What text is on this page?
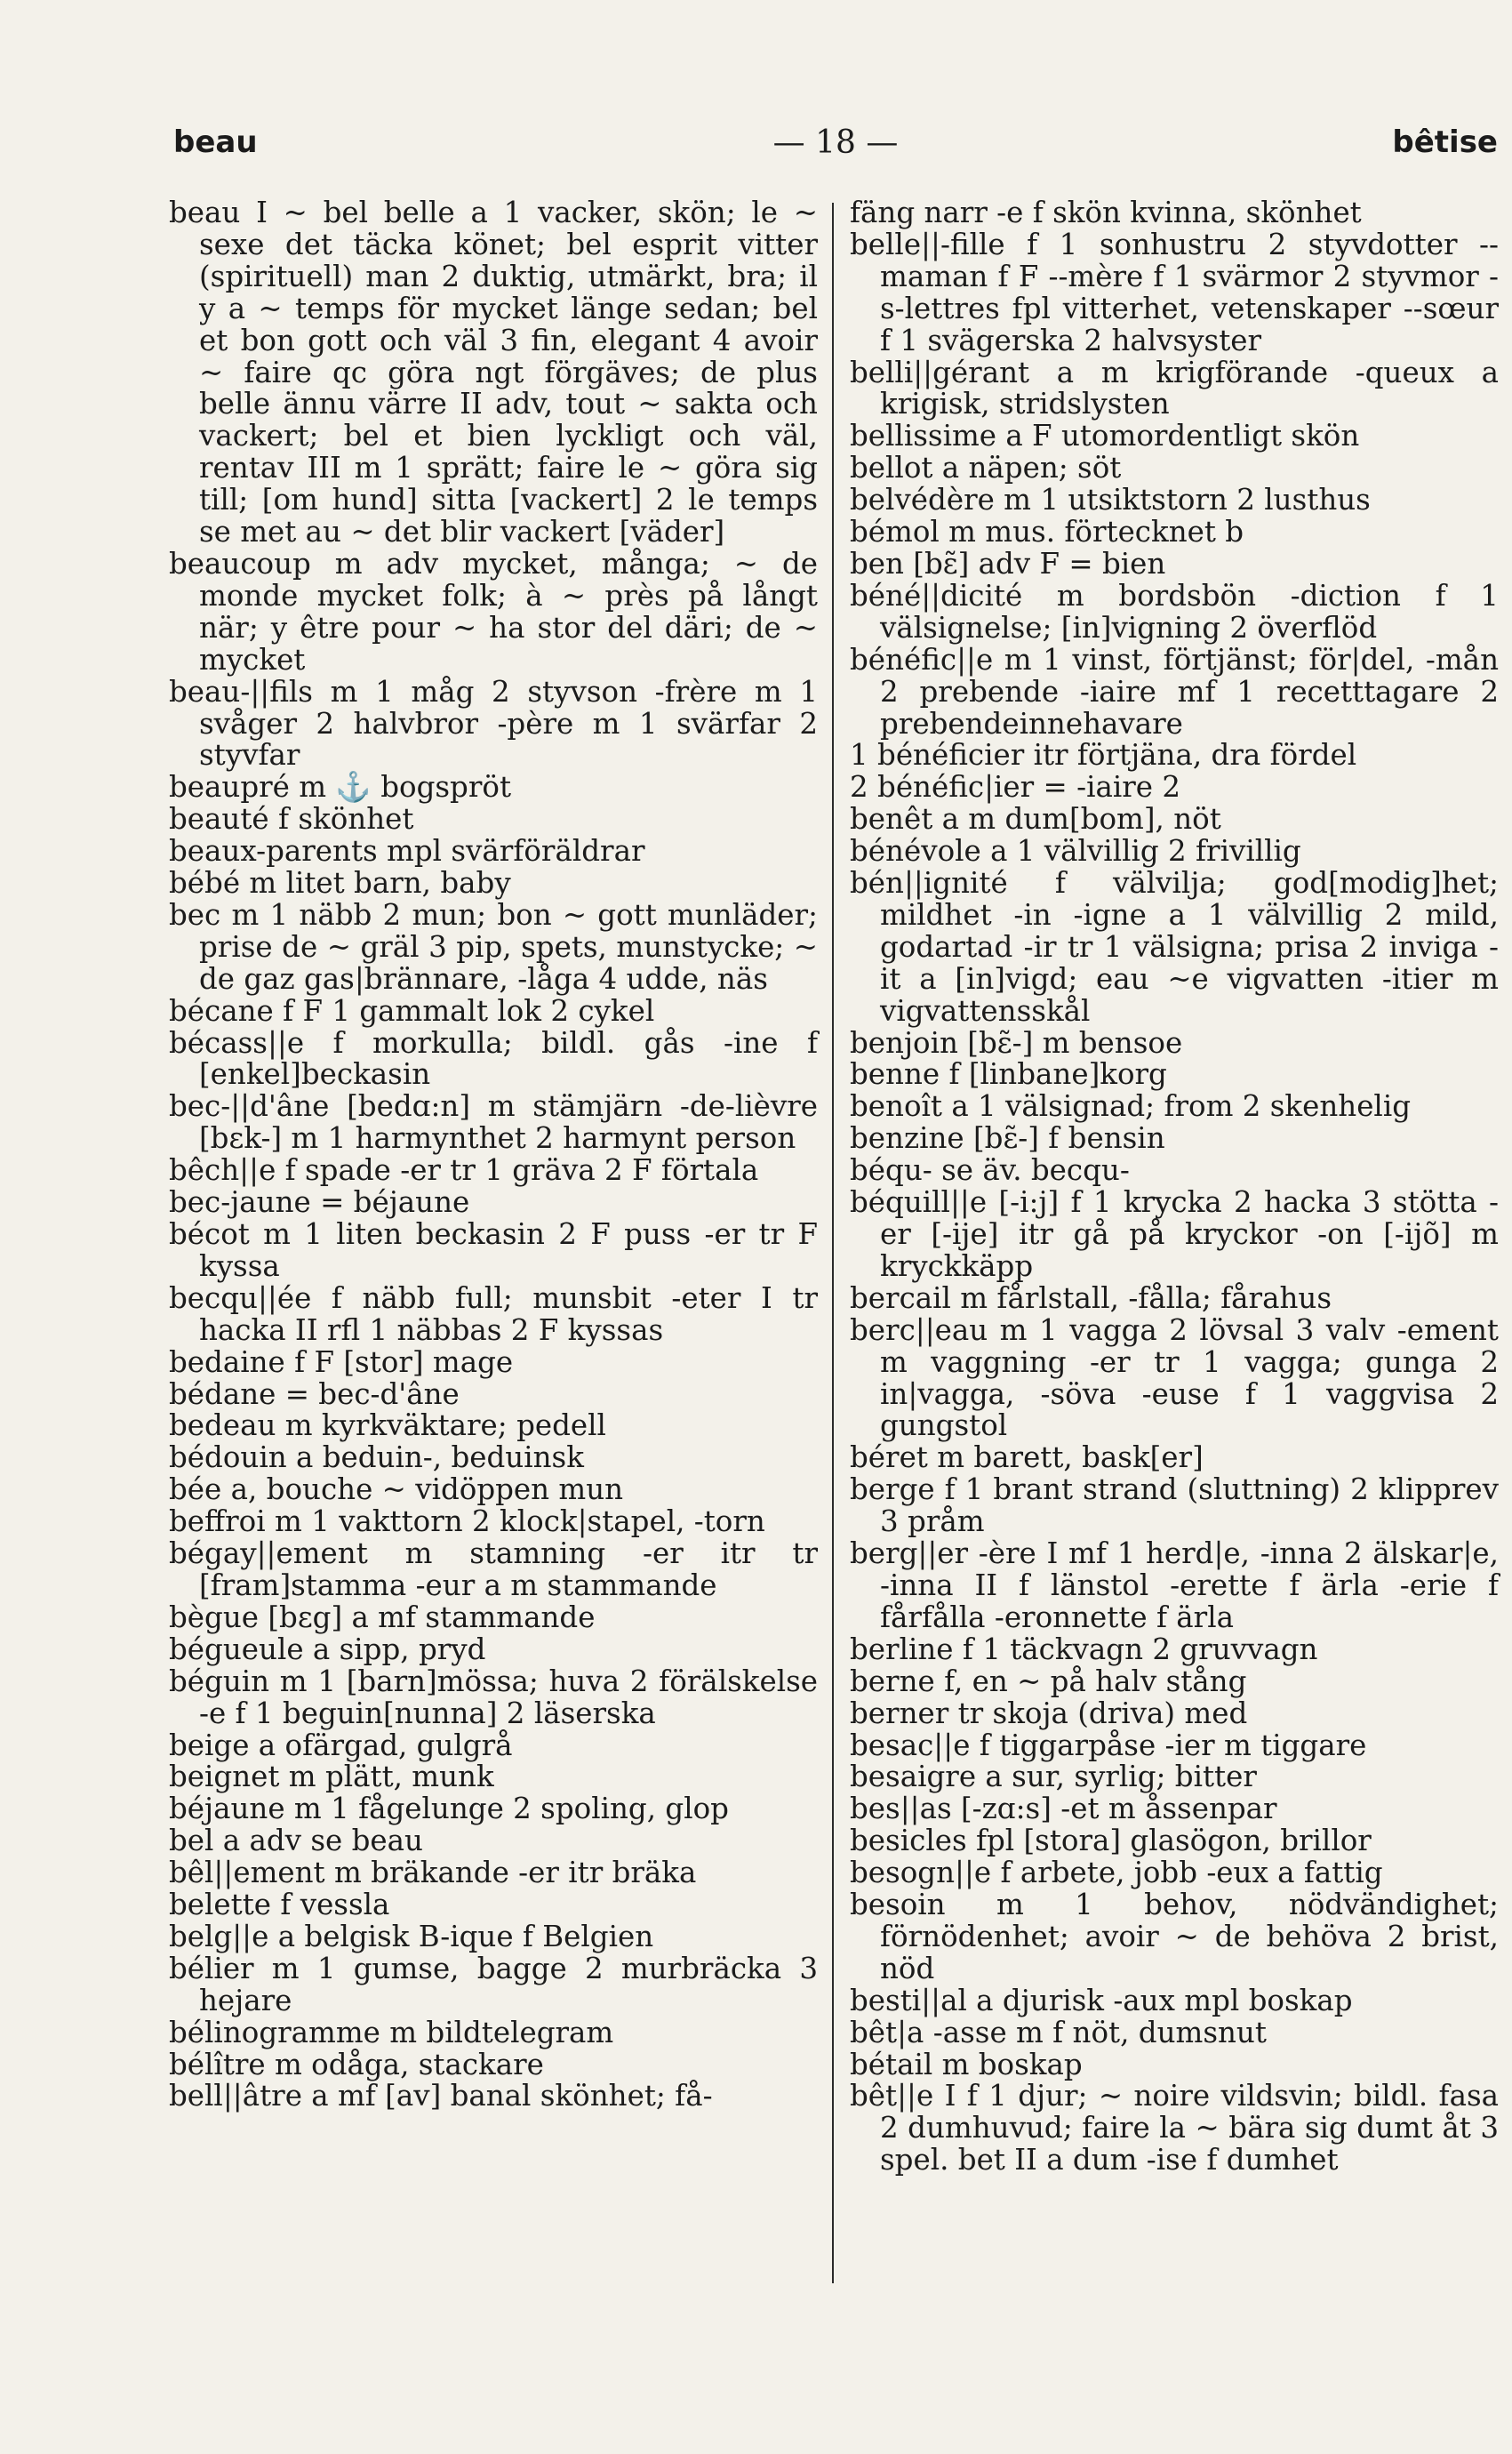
beau	— 18 —	bêtise

beau I ~ bel belle a 1 vacker, skön; le ~ sexe det täcka könet; bel esprit vitter (spirituell) man 2 duktig, utmärkt, bra; il y a ~ temps för mycket länge sedan; bel et bon gott och väl 3 fin, elegant 4 avoir ~ faire qc göra ngt förgäves; de plus belle ännu värre II adv, tout ~ sakta och vackert; bel et bien lyckligt och väl, rentav III m 1 sprätt; faire le ~ göra sig till; [om hund] sitta [vackert] 2 le temps se met au ~ det blir vackert [väder]

beaucoup m adv mycket, många; ~ de monde mycket folk; à ~ près på långt när; y être pour ~ ha stor del däri; de ~ mycket

beau-||fils m 1 måg 2 styvson -frère m 1 svåger 2 halvbror -père m 1 svärfar 2 styvfar

beaupré m ⚓ bogspröt

beauté f skönhet

beaux-parents mpl svärföräldrar

bébé m litet barn, baby

bec m 1 näbb 2 mun; bon ~ gott munläder; prise de ~ gräl 3 pip, spets, munstycke; ~ de gaz gas|brännare, -låga 4 udde, näs

bécane f F 1 gammalt lok 2 cykel

bécass||e f morkulla; bildl. gås -ine f [enkel]beckasin

bec-||d'âne [bedɑ:n] m stämjärn -de-lièvre [bɛk-] m 1 harmynthet 2 harmynt person

bêch||e f spade -er tr 1 gräva 2 F förtala

bec-jaune = béjaune

bécot m 1 liten beckasin 2 F puss -er tr F kyssa

becqu||ée f näbb full; munsbit -eter I tr hacka II rfl 1 näbbas 2 F kyssas

bedaine f F [stor] mage

bédane = bec-d'âne

bedeau m kyrkväktare; pedell

bédouin a beduin-, beduinsk

bée a, bouche ~ vidöppen mun

beffroi m 1 vakttorn 2 klock|stapel, -torn

bégay||ement m stamning -er itr tr [fram]stamma -eur a m stammande

bègue [bɛg] a mf stammande

bégueule a sipp, pryd

béguin m 1 [barn]mössa; huva 2 förälskelse -e f 1 beguin[nunna] 2 läserska

beige a ofärgad, gulgrå

beignet m plätt, munk

béjaune m 1 fågelunge 2 spoling, glop

bel a adv se beau

bêl||ement m bräkande -er itr bräka

belette f vessla

belg||e a belgisk B-ique f Belgien

bélier m 1 gumse, bagge 2 murbräcka 3 hejare

bélinogramme m bildtelegram

bélître m odåga, stackare

bell||âtre a mf [av] banal skönhet; få-

fäng narr -e f skön kvinna, skönhet

belle||-fille f 1 sonhustru 2 styvdotter --maman f F --mère f 1 svärmor 2 styvmor -s-lettres fpl vitterhet, vetenskaper --sœur f 1 svägerska 2 halvsyster

belli||gérant a m krigförande -queux a krigisk, stridslysten

bellissime a F utomordentligt skön

bellot a näpen; söt

belvédère m 1 utsiktstorn 2 lusthus

bémol m mus. förtecknet b

ben [bɛ̃] adv F = bien

béné||dicité m bordsbön -diction f 1 välsignelse; [in]vigning 2 överflöd

bénéfic||e m 1 vinst, förtjänst; för|del, -mån 2 prebende -iaire mf 1 recetttagare 2 prebendeinnehavare

1 bénéficier itr förtjäna, dra fördel

2 bénéfic|ier = -iaire 2

benêt a m dum[bom], nöt

bénévole a 1 välvillig 2 frivillig

bén||ignité f välvilja; god[modig]het; mildhet -in -igne a 1 välvillig 2 mild, godartad -ir tr 1 välsigna; prisa 2 inviga -it a [in]vigd; eau ~e vigvatten -itier m vigvattensskål

benjoin [bɛ̃-] m bensoe

benne f [linbane]korg

benoît a 1 välsignad; from 2 skenhelig

benzine [bɛ̃-] f bensin

béqu- se äv. becqu-

béquill||e [-i:j] f 1 krycka 2 hacka 3 stötta -er [-ije] itr gå på kryckor -on [-ijõ] m kryckkäpp

bercail m fårlstall, -fålla; fårahus

berc||eau m 1 vagga 2 lövsal 3 valv -ement m vaggning -er tr 1 vagga; gunga 2 in|vagga, -söva -euse f 1 vaggvisa 2 gungstol

béret m barett, bask[er]

berge f 1 brant strand (sluttning) 2 klipprev 3 pråm

berg||er -ère I mf 1 herd|e, -inna 2 älskar|e, -inna II f länstol -erette f ärla -erie f fårfålla -eronnette f ärla

berline f 1 täckvagn 2 gruvvagn

berne f, en ~ på halv stång

berner tr skoja (driva) med

besac||e f tiggarpåse -ier m tiggare

besaigre a sur, syrlig; bitter

bes||as [-zɑ:s] -et m åssenpar

besicles fpl [stora] glasögon, brillor

besogn||e f arbete, jobb -eux a fattig

besoin m 1 behov, nödvändighet; förnödenhet; avoir ~ de behöva 2 brist, nöd

besti||al a djurisk -aux mpl boskap

bêt|a -asse m f nöt, dumsnut

bétail m boskap

bêt||e I f 1 djur; ~ noire vildsvin; bildl. fasa 2 dumhuvud; faire la ~ bära sig dumt åt 3 spel. bet II a dum -ise f dumhet
